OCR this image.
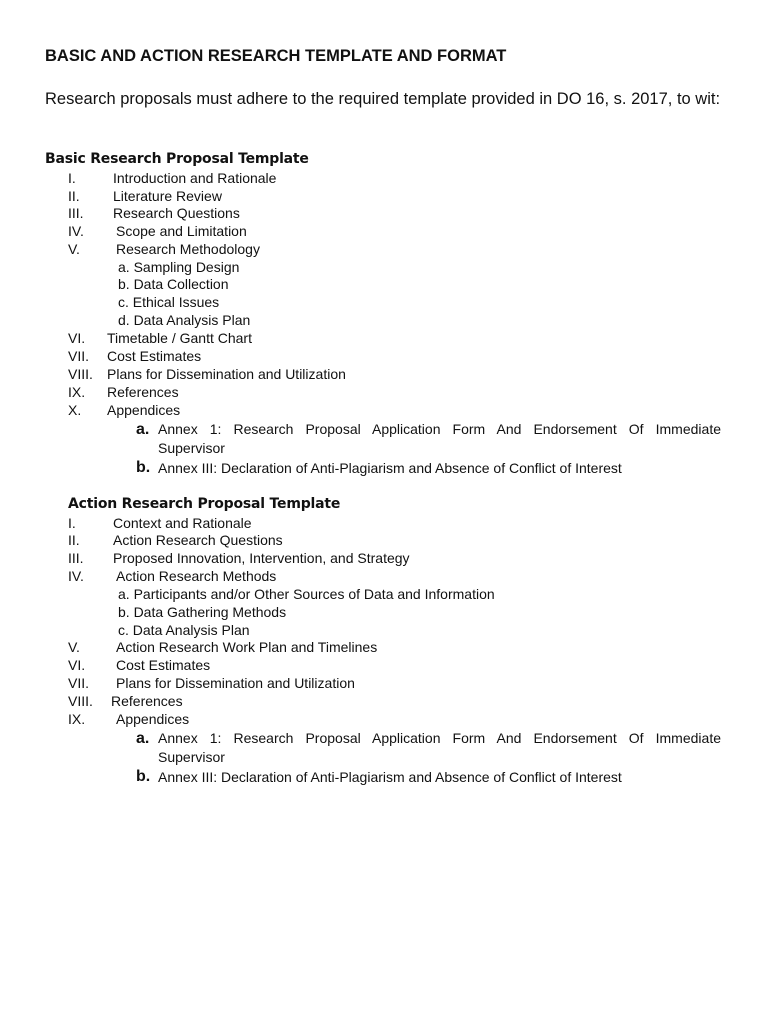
BASIC AND ACTION RESEARCH TEMPLATE AND FORMAT
Research proposals must adhere to the required template provided in DO 16, s. 2017, to wit:
Basic Research Proposal Template
I.	Introduction and Rationale
II. Literature Review
III. Research Questions
IV. Scope and Limitation
V.	Research Methodology
a. Sampling Design
b. Data Collection
c. Ethical Issues
d. Data Analysis Plan
VI. Timetable / Gantt Chart
VII. Cost Estimates
VIII. Plans for Dissemination and Utilization
IX. References
X. Appendices
a. Annex 1: Research Proposal Application Form And Endorsement Of Immediate
Supervisor
b. Annex III: Declaration of Anti-Plagiarism and Absence of Conflict of Interest
Action Research Proposal Template
I.	Context and Rationale
II. Action Research Questions
III. Proposed Innovation, Intervention, and Strategy
IV. Action Research Methods
a. Participants and/or Other Sources of Data and Information
b. Data Gathering Methods
c. Data Analysis Plan
V.	Action Research Work Plan and Timelines
VI. Cost Estimates
VII. Plans for Dissemination and Utilization
VIII. References
IX. Appendices
a. Annex 1: Research Proposal Application Form And Endorsement Of Immediate
Supervisor
b. Annex III: Declaration of Anti-Plagiarism and Absence of Conflict of Interest
